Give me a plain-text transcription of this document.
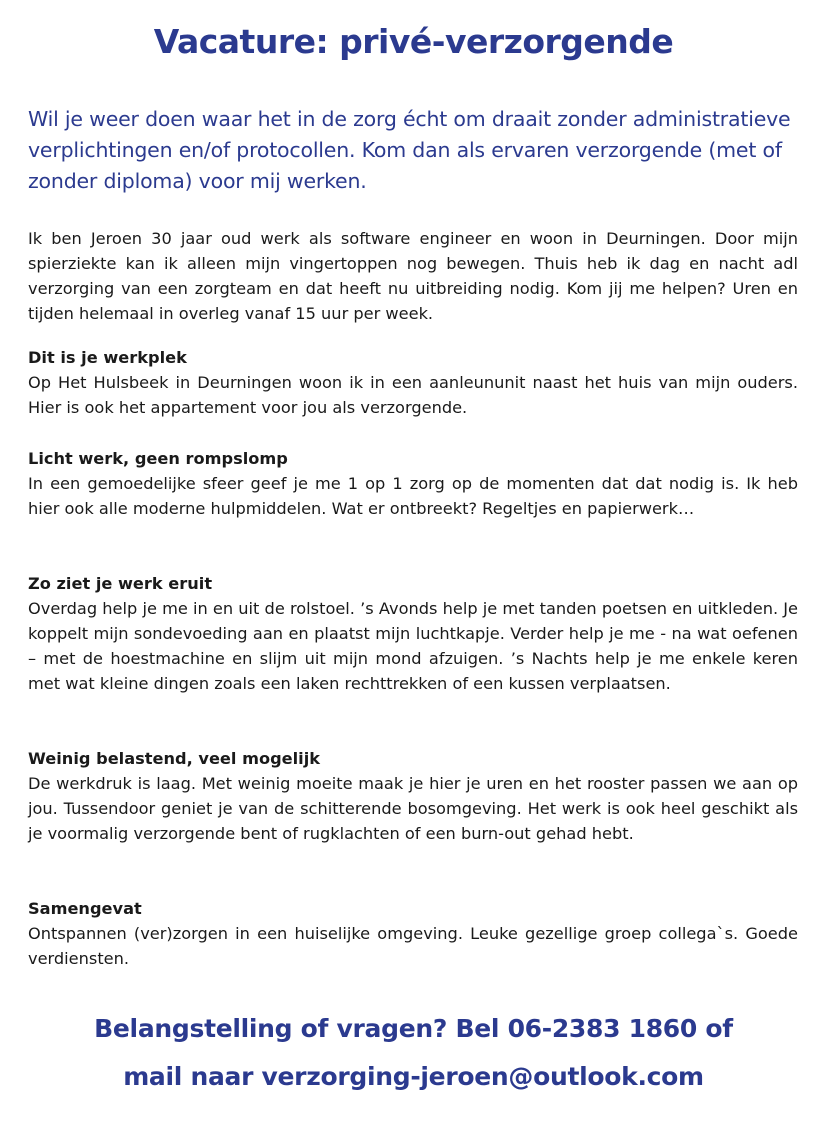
Vacature: privé-verzorgende

Wil je weer doen waar het in de zorg écht om draait zonder administratieve verplichtingen en/of protocollen. Kom dan als ervaren verzorgende (met of zonder diploma) voor mij werken.

Ik ben Jeroen 30 jaar oud werk als software engineer en woon in Deurningen. Door mijn spierziekte kan ik alleen mijn vingertoppen nog bewegen. Thuis heb ik dag en nacht adl verzorging van een zorgteam en dat heeft nu uitbreiding nodig. Kom jij me helpen? Uren en tijden helemaal in overleg vanaf 15 uur per week.

Dit is je werkplek

Op Het Hulsbeek in Deurningen woon ik in een aanleununit naast het huis van mijn ouders. Hier is ook het appartement voor jou als verzorgende.

Licht werk, geen rompslomp

In een gemoedelijke sfeer geef je me 1 op 1 zorg op de momenten dat dat nodig is. Ik heb hier ook alle moderne hulpmiddelen. Wat er ontbreekt? Regeltjes en papierwerk…

Zo ziet je werk eruit

Overdag help je me in en uit de rolstoel. ’s Avonds help je met tanden poetsen en uitkleden. Je koppelt mijn sondevoeding aan en plaatst mijn luchtkapje. Verder help je me - na wat oefenen – met de hoestmachine en slijm uit mijn mond afzuigen. ’s Nachts help je me enkele keren met wat kleine dingen zoals een laken rechttrekken of een kussen verplaatsen.

Weinig belastend, veel mogelijk

De werkdruk is laag. Met weinig moeite maak je hier je uren en het rooster passen we aan op jou. Tussendoor geniet je van de schitterende bosomgeving. Het werk is ook heel geschikt als je voormalig verzorgende bent of rugklachten of een burn-out gehad hebt.

Samengevat

Ontspannen (ver)zorgen in een huiselijke omgeving. Leuke gezellige groep collega`s. Goede verdiensten.

Belangstelling of vragen? Bel 06-2383 1860 of

mail naar verzorging-jeroen@outlook.com
